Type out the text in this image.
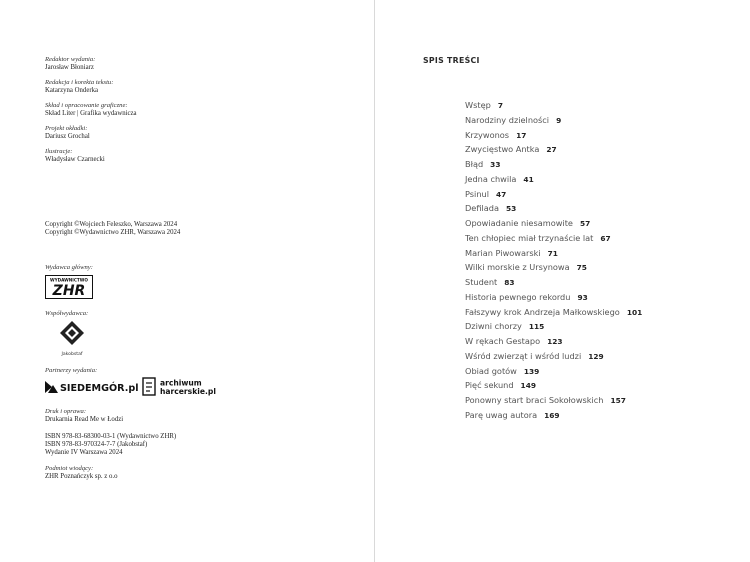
Redaktor wydania:
Jarosław Błoniarz
Redakcja i korekta tekstu:
Katarzyna Onderka
Skład i opracowanie graficzne:
Skład Liter | Grafika wydawnicza
Projekt okładki:
Dariusz Grochal
Ilustracje:
Władysław Czarnecki
Copyright ©Wojciech Feleszko, Warszawa 2024
Copyright ©Wydawnictwo ZHR, Warszawa 2024
Wydawca główny:
WYDAWNICTWO
ZHR
Współwydawca:
Jakobstaf
Partnerzy wydania:
SIEDEMGÓR.pl	archiwum
harcerskie.pl
Druk i oprawa:
Drukarnia Read Me w Łodzi
ISBN 978-83-68300-03-1 (Wydawnictwo ZHR)
ISBN 978-83-970324-7-7 (Jakobstaf)
Wydanie IV Warszawa 2024
Podmiot wiodący:
ZHR Poznańczyk sp. z o.o
SPIS TREŚCI
Wstęp 7
Narodziny dzielności 9
Krzywonos 17
Zwycięstwo Antka 27
Błąd 33
Jedna chwila 41
Psinul 47
Defilada 53
Opowiadanie niesamowite 57
Ten chłopiec miał trzynaście lat 67
Marian Piwowarski 71
Wilki morskie z Ursynowa 75
Student 83
Historia pewnego rekordu 93
Fałszywy krok Andrzeja Małkowskiego 101
Dziwni chorzy 115
W rękach Gestapo 123
Wśród zwierząt i wśród ludzi 129
Obiad gotów 139
Pięć sekund 149
Ponowny start braci Sokołowskich 157
Parę uwag autora 169
